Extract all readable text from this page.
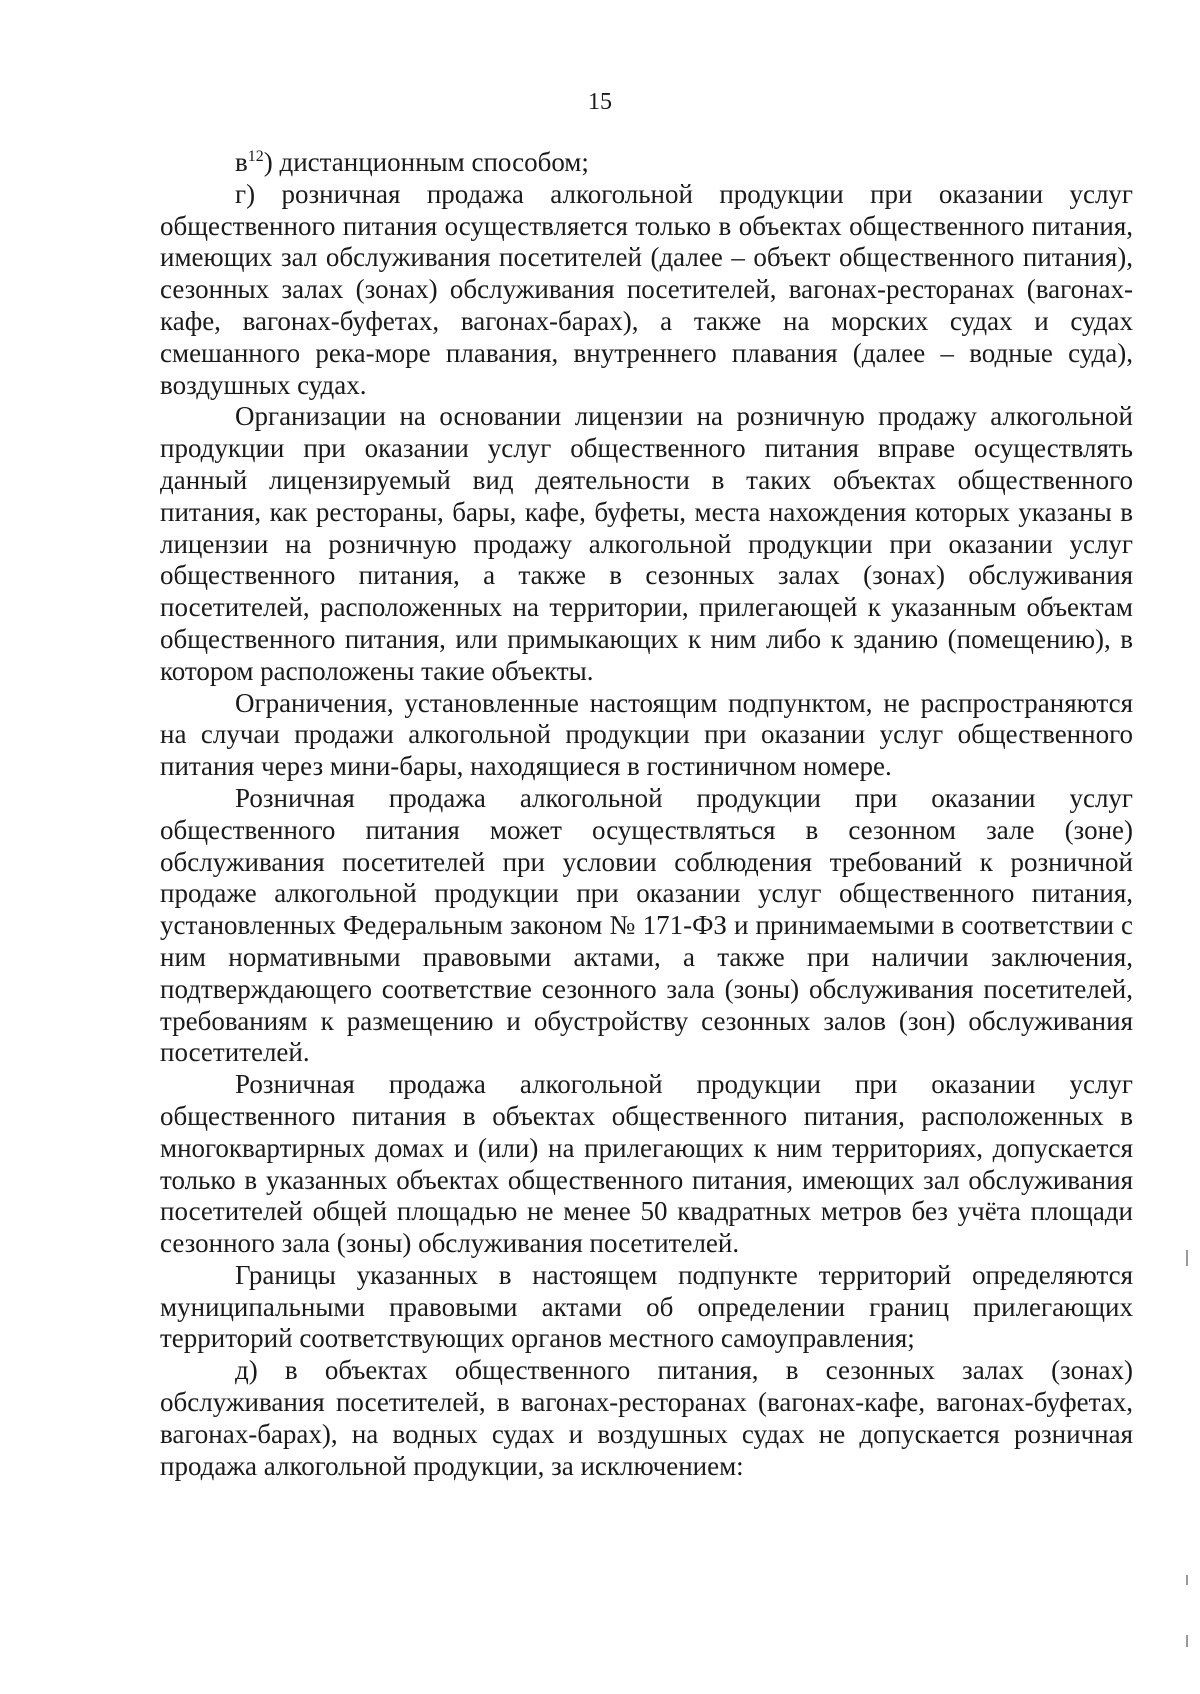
15

$в^{12}$) дистанционным способом;

г) розничная продажа алкогольной продукции при оказании услуг общественного питания осуществляется только в объектах общественного питания, имеющих зал обслуживания посетителей (далее – объект общественного питания), сезонных залах (зонах) обслуживания посетителей, вагонах-ресторанах (вагонах-кафе, вагонах-буфетах, вагонах-барах), а также на морских судах и судах смешанного река-море плавания, внутреннего плавания (далее – водные суда), воздушных судах.

Организации на основании лицензии на розничную продажу алкогольной продукции при оказании услуг общественного питания вправе осуществлять данный лицензируемый вид деятельности в таких объектах общественного питания, как рестораны, бары, кафе, буфеты, места нахождения которых указаны в лицензии на розничную продажу алкогольной продукции при оказании услуг общественного питания, а также в сезонных залах (зонах) обслуживания посетителей, расположенных на территории, прилегающей к указанным объектам общественного питания, или примыкающих к ним либо к зданию (помещению), в котором расположены такие объекты.

Ограничения, установленные настоящим подпунктом, не распространяются на случаи продажи алкогольной продукции при оказании услуг общественного питания через мини-бары, находящиеся в гостиничном номере.

Розничная продажа алкогольной продукции при оказании услуг общественного питания может осуществляться в сезонном зале (зоне) обслуживания посетителей при условии соблюдения требований к розничной продаже алкогольной продукции при оказании услуг общественного питания, установленных Федеральным законом № 171-ФЗ и принимаемыми в соответствии с ним нормативными правовыми актами, а также при наличии заключения, подтверждающего соответствие сезонного зала (зоны) обслуживания посетителей, требованиям к размещению и обустройству сезонных залов (зон) обслуживания посетителей.

Розничная продажа алкогольной продукции при оказании услуг общественного питания в объектах общественного питания, расположенных в многоквартирных домах и (или) на прилегающих к ним территориях, допускается только в указанных объектах общественного питания, имеющих зал обслуживания посетителей общей площадью не менее 50 квадратных метров без учёта площади сезонного зала (зоны) обслуживания посетителей.

Границы указанных в настоящем подпункте территорий определяются муниципальными правовыми актами об определении границ прилегающих территорий соответствующих органов местного самоуправления;

д) в объектах общественного питания, в сезонных залах (зонах) обслуживания посетителей, в вагонах-ресторанах (вагонах-кафе, вагонах-буфетах, вагонах-барах), на водных судах и воздушных судах не допускается розничная продажа алкогольной продукции, за исключением:
